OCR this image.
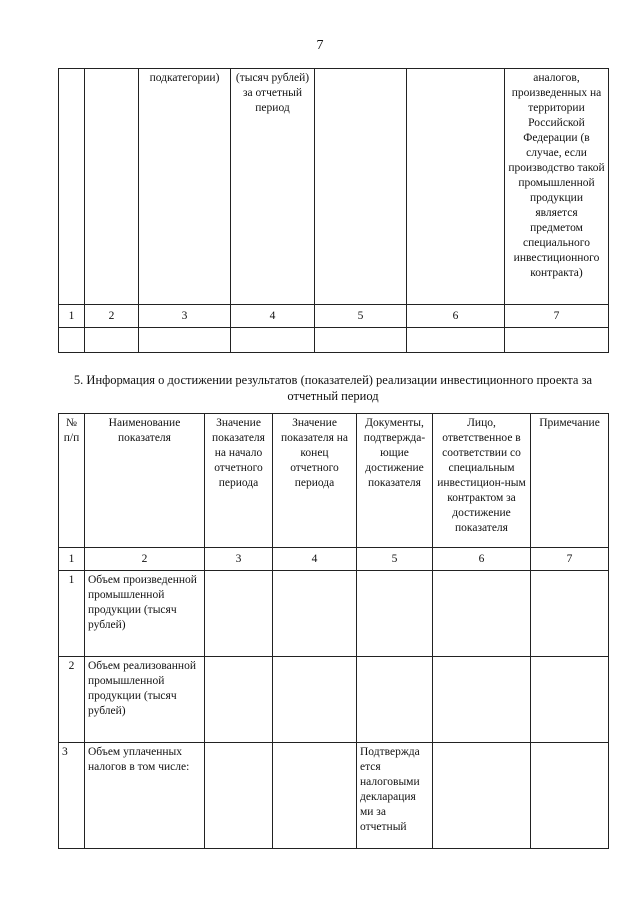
7
		подкатегории)	(тысяч рублей) за отчетный период			аналогов, произведенных на территории Российской Федерации (в случае, если производство такой промышленной продукции является предметом специального инвестиционного контракта)
1	2	3	4	5	6	7

5. Информация о достижении результатов (показателей) реализации инвестиционного проекта за отчетный период
№ п/п	Наименование показателя	Значение показателя на начало отчетного периода	Значение показателя на конец отчетного периода	Документы, подтвержда-ющие достижение показателя	Лицо, ответственное в соответствии со специальным инвестицион-ным контрактом за достижение показателя	Примечание
1	2	3	4	5	6	7
1	Объем произведенной промышленной продукции (тысяч рублей)					
2	Объем реализованной промышленной продукции (тысяч рублей)					
3	Объем уплаченных налогов в том числе:			Подтвержда ется налоговыми декларация ми за отчетный		
